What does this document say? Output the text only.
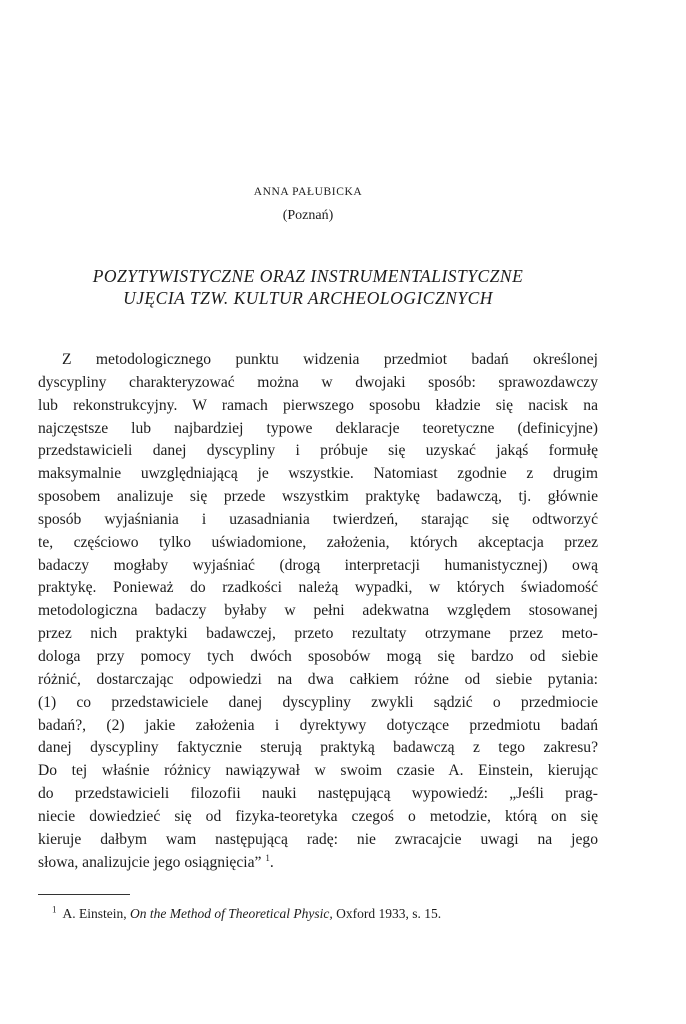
ANNA PAŁUBICKA
(Poznań)
POZYTYWISTYCZNE ORAZ INSTRUMENTALISTYCZNE
UJĘCIA TZW. KULTUR ARCHEOLOGICZNYCH
Z metodologicznego punktu widzenia przedmiot badań określonej
dyscypliny charakteryzować można w dwojaki sposób: sprawozdawczy
lub rekonstrukcyjny. W ramach pierwszego sposobu kładzie się nacisk na
najczęstsze lub najbardziej typowe deklaracje teoretyczne (definicyjne)
przedstawicieli danej dyscypliny i próbuje się uzyskać jakąś formułę
maksymalnie uwzględniającą je wszystkie. Natomiast zgodnie z drugim
sposobem analizuje się przede wszystkim praktykę badawczą, tj. głównie
sposób wyjaśniania i uzasadniania twierdzeń, starając się odtworzyć
te, częściowo tylko uświadomione, założenia, których akceptacja przez
badaczy mogłaby wyjaśniać (drogą interpretacji humanistycznej) ową
praktykę. Ponieważ do rzadkości należą wypadki, w których świadomość
metodologiczna badaczy byłaby w pełni adekwatna względem stosowanej
przez nich praktyki badawczej, przeto rezultaty otrzymane przez meto-
dologa przy pomocy tych dwóch sposobów mogą się bardzo od siebie
różnić, dostarczając odpowiedzi na dwa całkiem różne od siebie pytania:
(1) co przedstawiciele danej dyscypliny zwykli sądzić o przedmiocie
badań?, (2) jakie założenia i dyrektywy dotyczące przedmiotu badań
danej dyscypliny faktycznie sterują praktyką badawczą z tego zakresu?
Do tej właśnie różnicy nawiązywał w swoim czasie A. Einstein, kierując
do przedstawicieli filozofii nauki następującą wypowiedź: „Jeśli prag-
niecie dowiedzieć się od fizyka-teoretyka czegoś o metodzie, którą on się
kieruje dałbym wam następującą radę: nie zwracajcie uwagi na jego
słowa, analizujcie jego osiągnięcia” $^1$.
$^1$ A. Einstein, On the Method of Theoretical Physic, Oxford 1933, s. 15.
